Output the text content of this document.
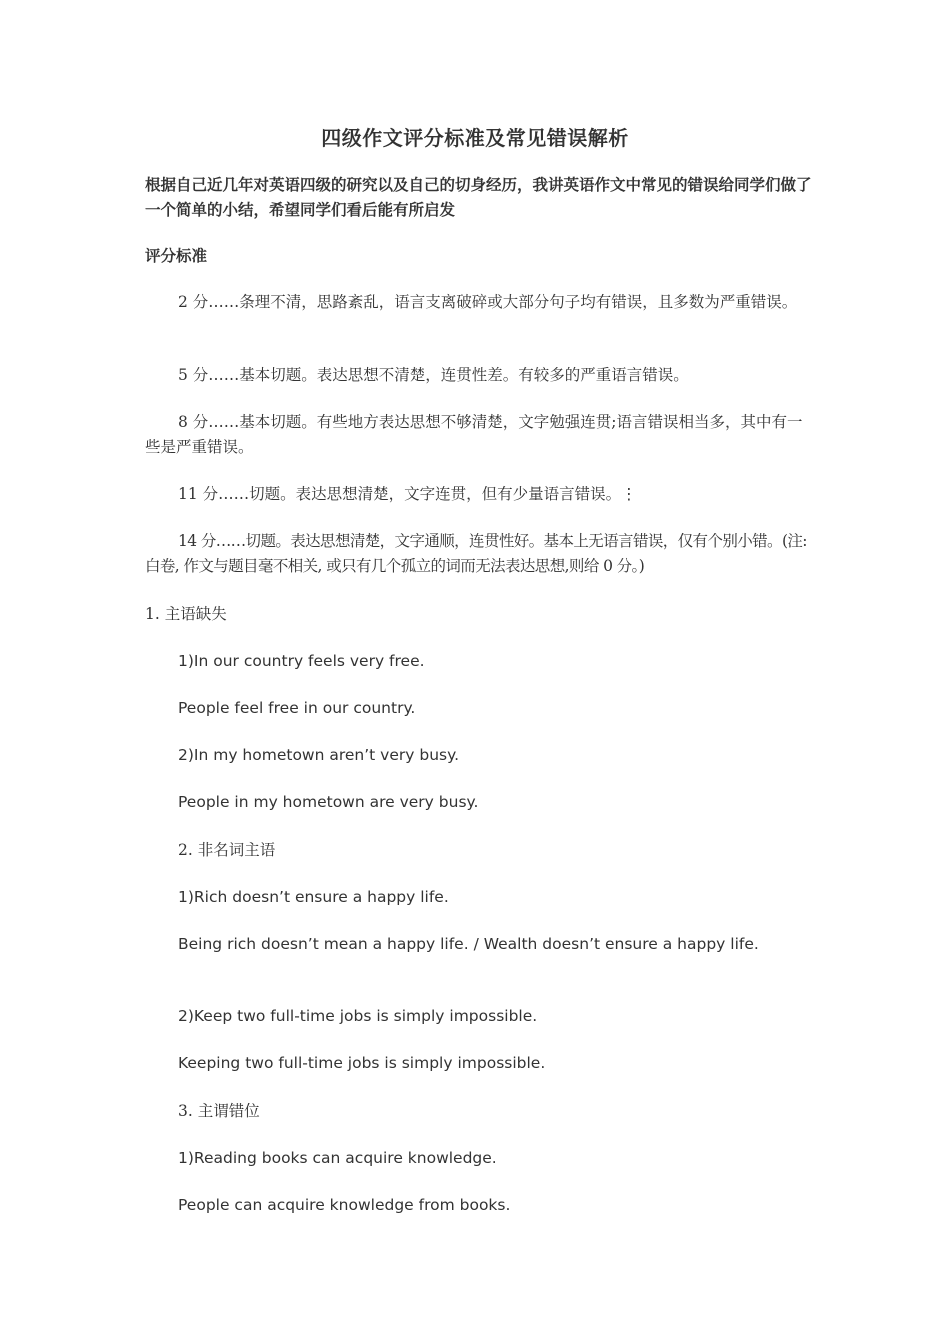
四级作文评分标准及常见错误解析
根据自己近几年对英语四级的研究以及自己的切身经历，我讲英语作文中常见的错误给同学们做了一个简单的小结，希望同学们看后能有所启发
评分标准
2 分……条理不清，思路紊乱，语言支离破碎或大部分句子均有错误，且多数为严重错误。
5 分……基本切题。表达思想不清楚，连贯性差。有较多的严重语言错误。
8 分……基本切题。有些地方表达思想不够清楚，文字勉强连贯;语言错误相当多，其中有一些是严重错误。
11 分……切题。表达思想清楚，文字连贯，但有少量语言错误。⋮
14 分……切题。表达思想清楚，文字通顺，连贯性好。基本上无语言错误，仅有个别小错。(注: 白卷, 作文与题目毫不相关, 或只有几个孤立的词而无法表达思想,则给 0 分。)
1. 主语缺失
1)In our country feels very free.
People feel free in our country.
2)In my hometown aren’t very busy.
People in my hometown are very busy.
2. 非名词主语
1)Rich doesn’t ensure a happy life.
Being rich doesn’t mean a happy life. / Wealth doesn’t ensure a happy life.
2)Keep two full-time jobs is simply impossible.
Keeping two full-time jobs is simply impossible.
3. 主谓错位
1)Reading books can acquire knowledge.
People can acquire knowledge from books.
